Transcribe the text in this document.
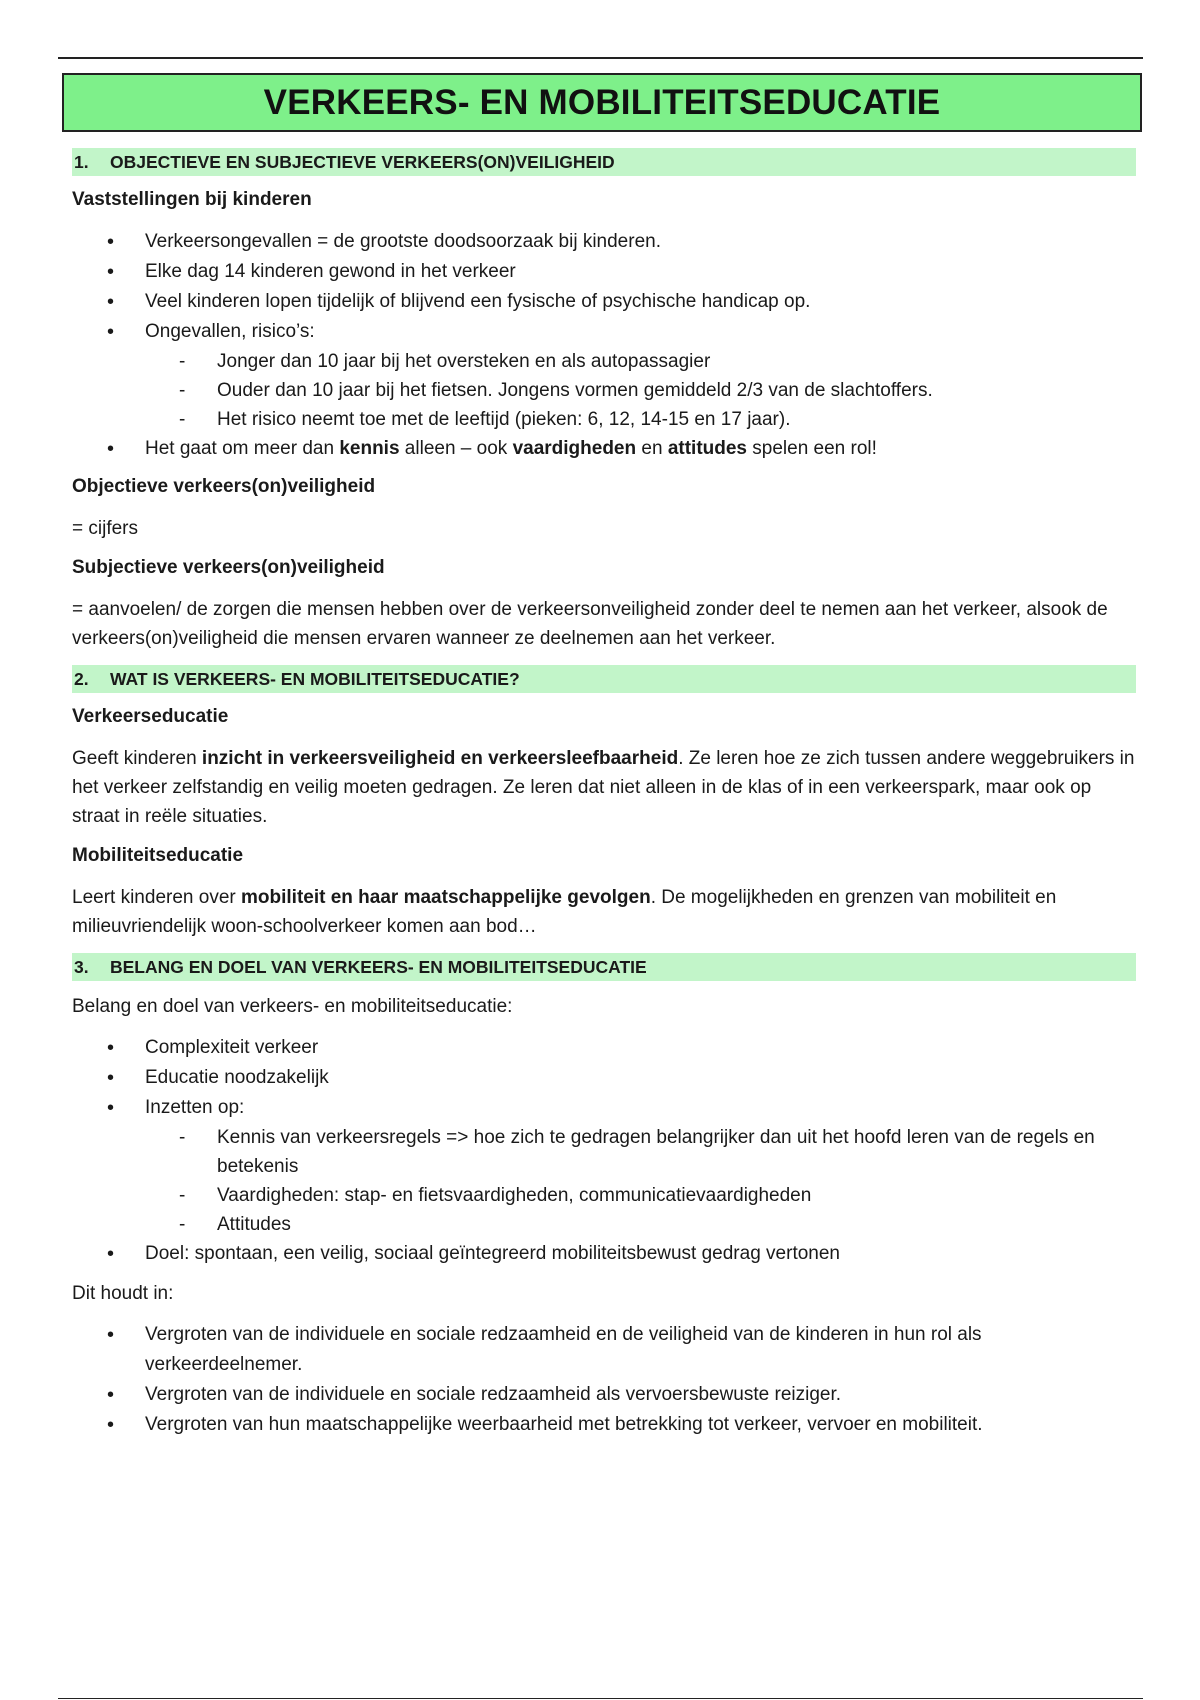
VERKEERS- EN MOBILITEITSEDUCATIE
1.	OBJECTIEVE EN SUBJECTIEVE VERKEERS(ON)VEILIGHEID
Vaststellingen bij kinderen
• Verkeersongevallen = de grootste doodsoorzaak bij kinderen.
• Elke dag 14 kinderen gewond in het verkeer
• Veel kinderen lopen tijdelijk of blijvend een fysische of psychische handicap op.
• Ongevallen, risico’s:
- Jonger dan 10 jaar bij het oversteken en als autopassagier
- Ouder dan 10 jaar bij het fietsen. Jongens vormen gemiddeld 2/3 van de slachtoffers.
- Het risico neemt toe met de leeftijd (pieken: 6, 12, 14-15 en 17 jaar).
• Het gaat om meer dan kennis alleen – ook vaardigheden en attitudes spelen een rol!
Objectieve verkeers(on)veiligheid
= cijfers
Subjectieve verkeers(on)veiligheid
= aanvoelen/ de zorgen die mensen hebben over de verkeersonveiligheid zonder deel te nemen aan het verkeer, alsook de verkeers(on)veiligheid die mensen ervaren wanneer ze deelnemen aan het verkeer.
2.	WAT IS VERKEERS- EN MOBILITEITSEDUCATIE?
Verkeerseducatie
Geeft kinderen inzicht in verkeersveiligheid en verkeersleefbaarheid. Ze leren hoe ze zich tussen andere weggebruikers in het verkeer zelfstandig en veilig moeten gedragen. Ze leren dat niet alleen in de klas of in een verkeerspark, maar ook op straat in reële situaties.
Mobiliteitseducatie
Leert kinderen over mobiliteit en haar maatschappelijke gevolgen. De mogelijkheden en grenzen van mobiliteit en milieuvriendelijk woon-schoolverkeer komen aan bod…
3.	BELANG EN DOEL VAN VERKEERS- EN MOBILITEITSEDUCATIE
Belang en doel van verkeers- en mobiliteitseducatie:
• Complexiteit verkeer
• Educatie noodzakelijk
• Inzetten op:
- Kennis van verkeersregels => hoe zich te gedragen belangrijker dan uit het hoofd leren van de regels en betekenis
- Vaardigheden: stap- en fietsvaardigheden, communicatievaardigheden
- Attitudes
• Doel: spontaan, een veilig, sociaal geïntegreerd mobiliteitsbewust gedrag vertonen
Dit houdt in:
• Vergroten van de individuele en sociale redzaamheid en de veiligheid van de kinderen in hun rol als verkeerdeelnemer.
• Vergroten van de individuele en sociale redzaamheid als vervoersbewuste reiziger.
• Vergroten van hun maatschappelijke weerbaarheid met betrekking tot verkeer, vervoer en mobiliteit.
